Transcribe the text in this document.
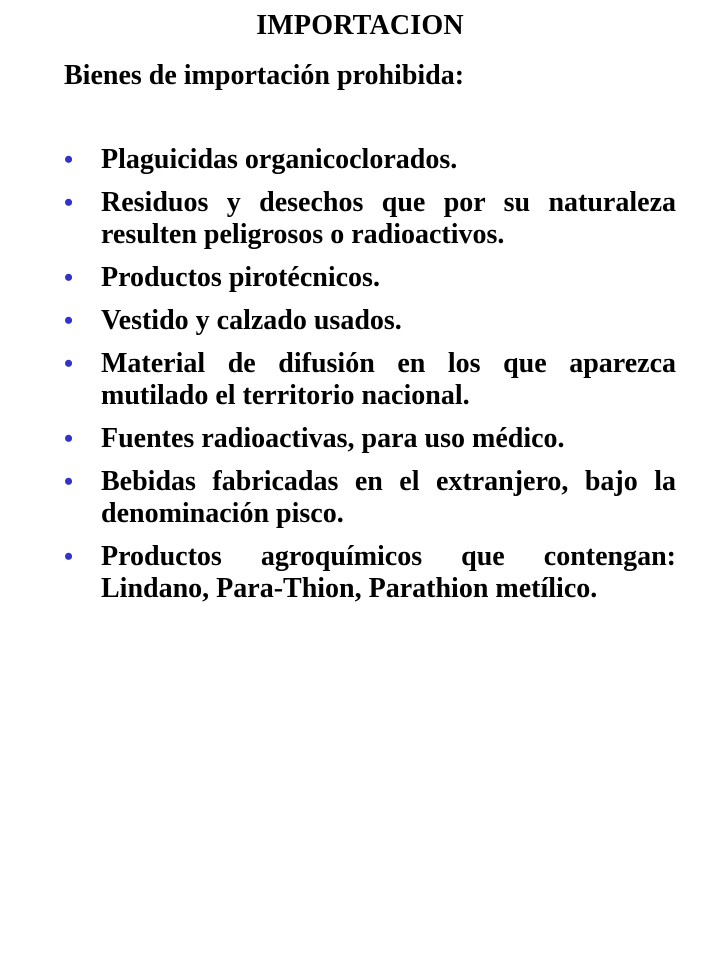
IMPORTACION
Bienes de importación prohibida:
• Plaguicidas organicoclorados.
• Residuos y desechos que por su naturaleza resulten peligrosos o radioactivos.
• Productos pirotécnicos.
• Vestido y calzado usados.
• Material de difusión en los que aparezca mutilado el territorio nacional.
• Fuentes radioactivas, para uso médico.
• Bebidas fabricadas en el extranjero, bajo la denominación pisco.
• Productos agroquímicos que contengan: Lindano, Para-Thion, Parathion metílico.
